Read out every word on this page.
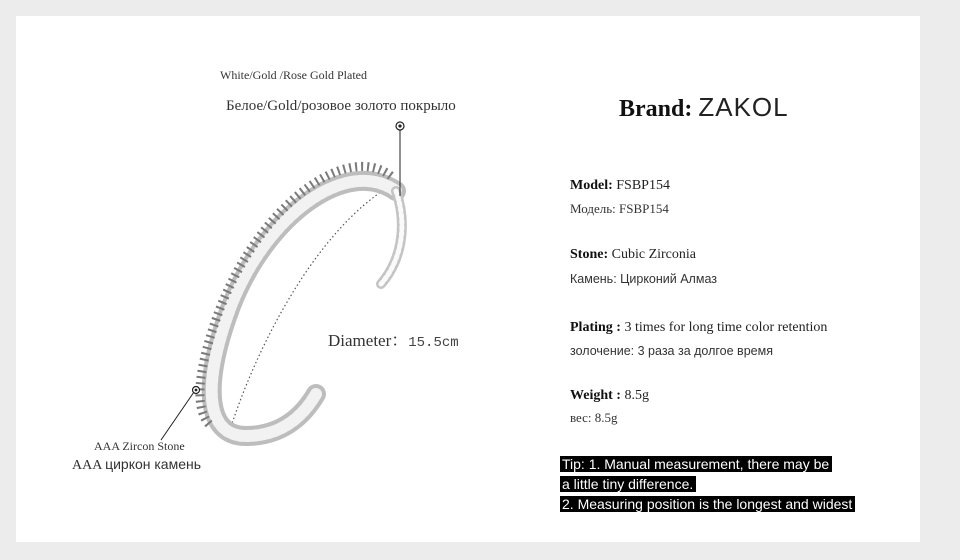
White/Gold /Rose Gold Plated
Белое/Gold/розовое золото покрыло
Diameter：15.5cm
AAA Zircon Stone
AAA циркон камень
Brand: ZAKOL
Model: FSBP154
Модель: FSBP154
Stone: Cubic Zirconia
Камень: Цирконий Алмаз
Plating : 3 times for long time color retention
золочение: 3 раза за долгое время
Weight : 8.5g
вес: 8.5g
Tip: 1. Manual measurement, there may be
a little tiny difference.
2. Measuring position is the longest and widest
